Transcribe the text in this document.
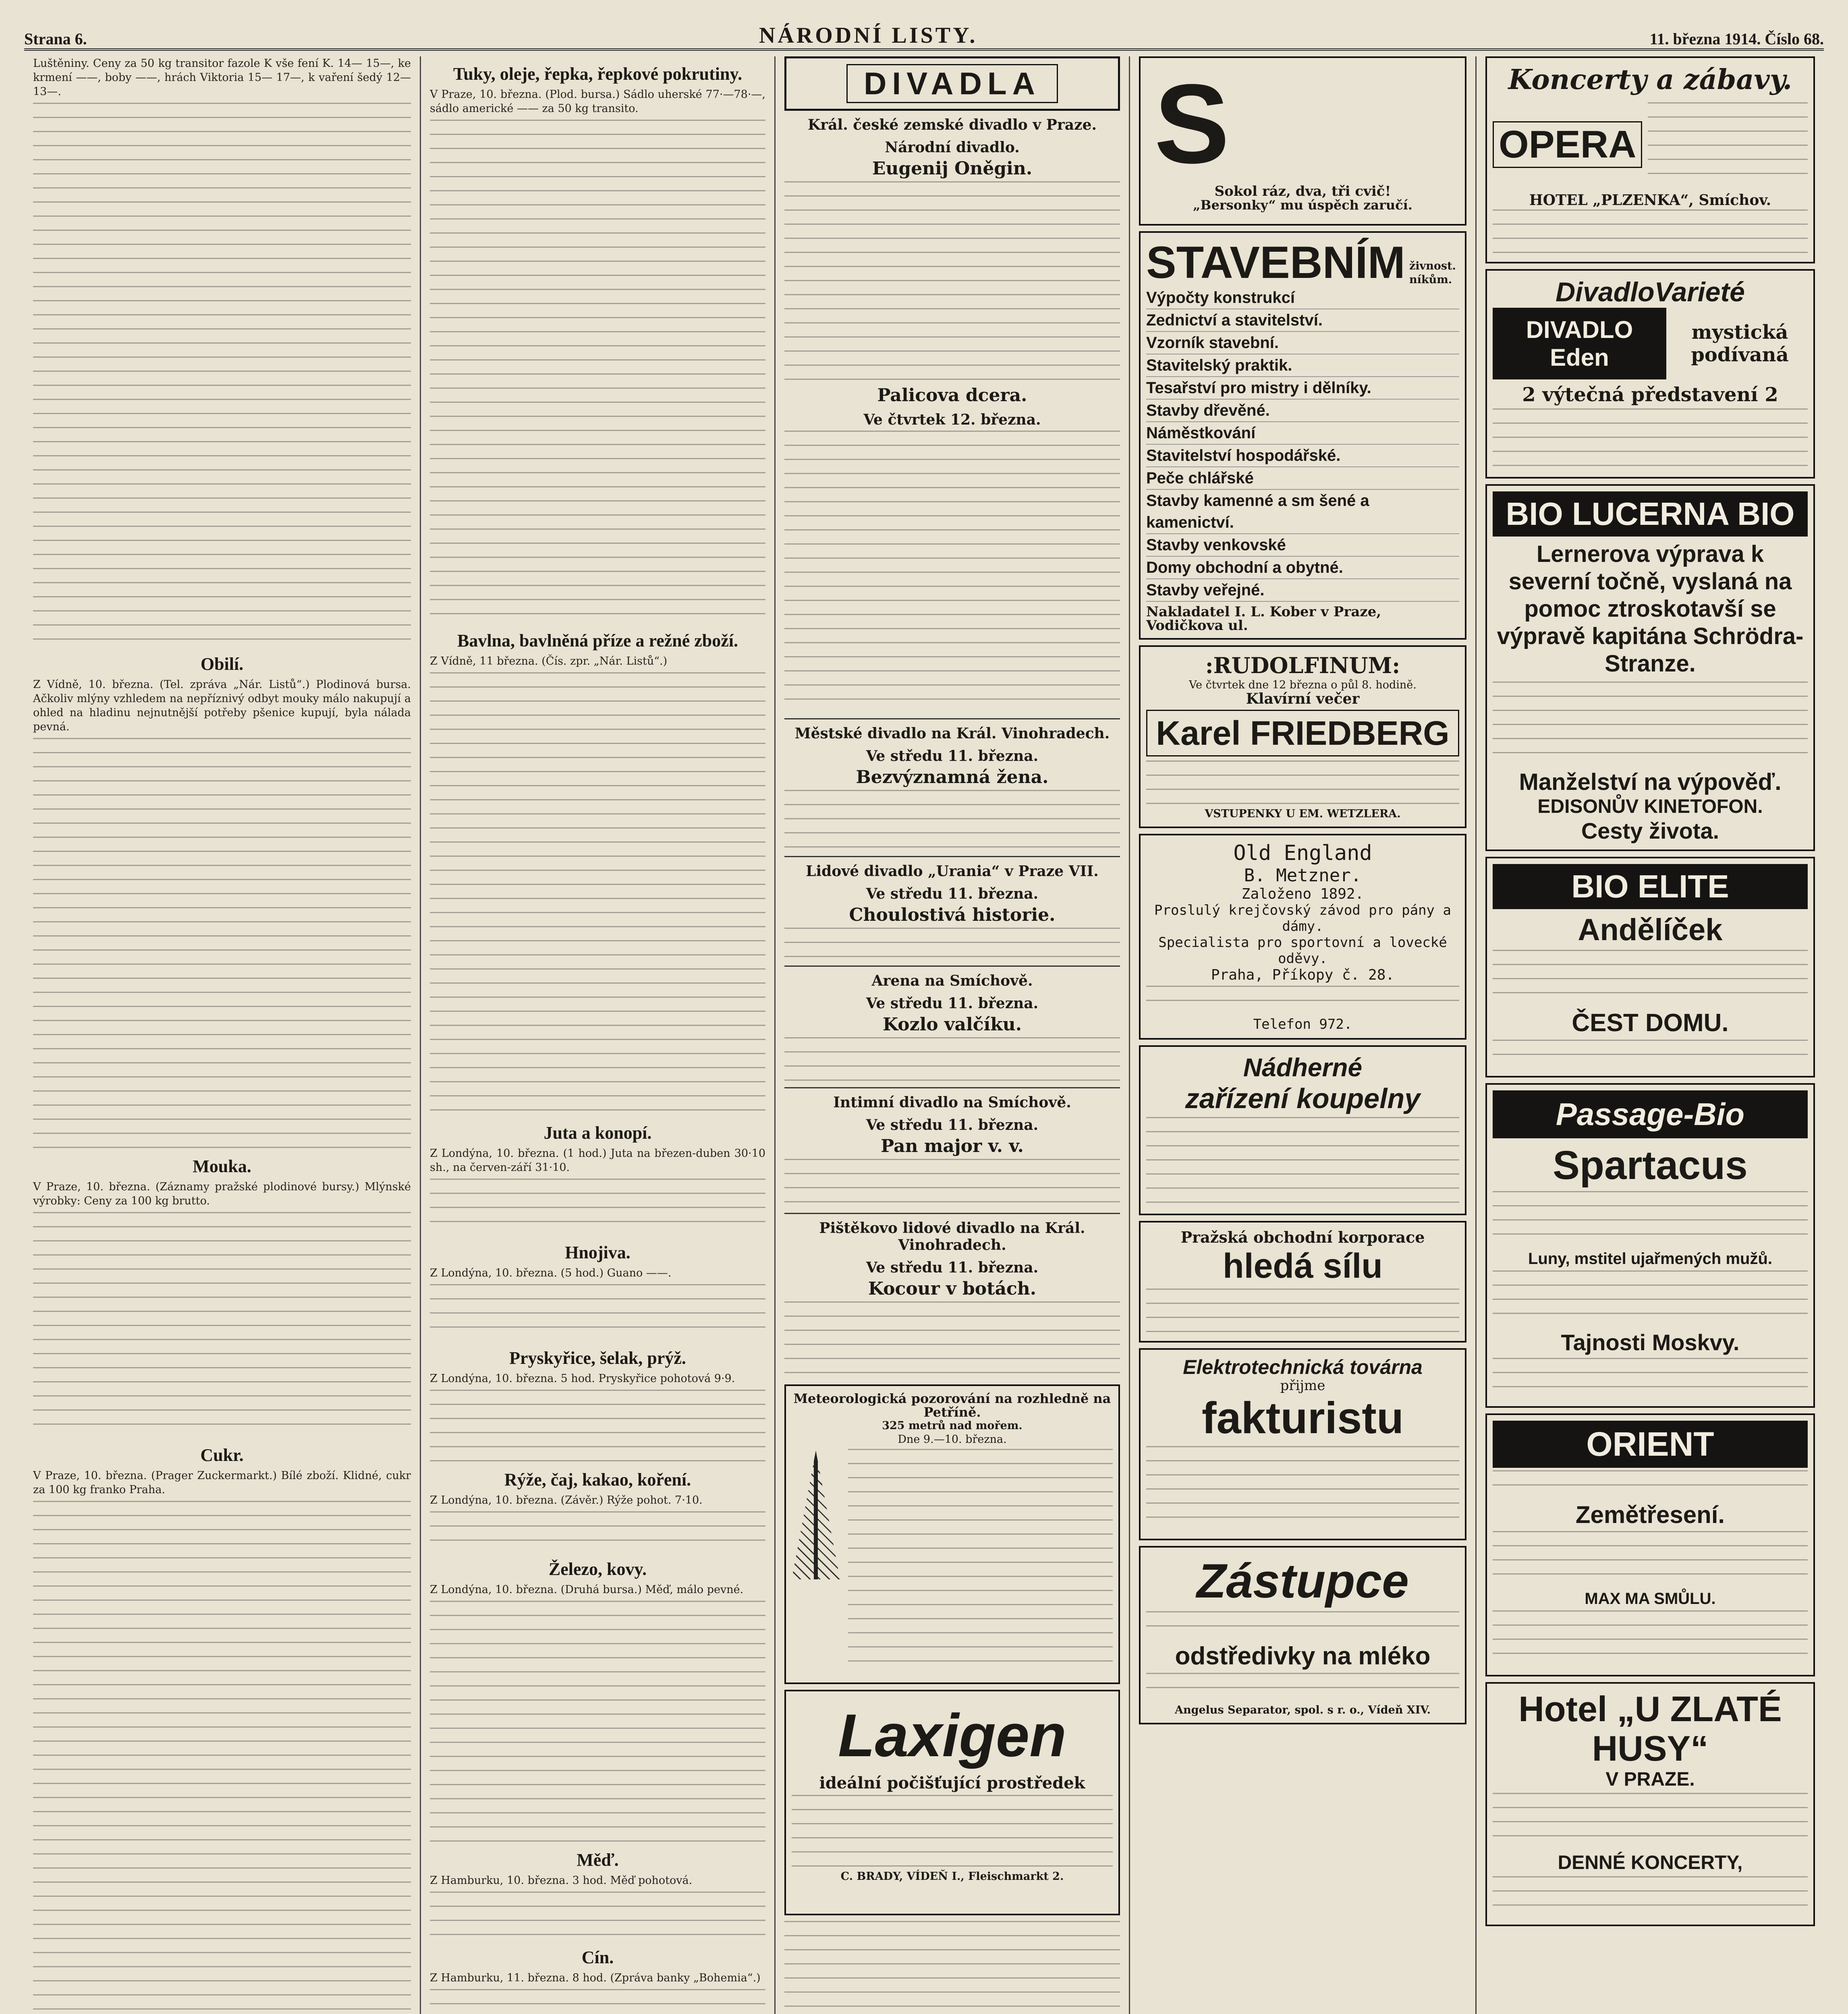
Strana 6.	NÁRODNÍ LISTY.	11. března 1914. Číslo 68.

Luštěniny. Ceny za 50 kg transitor fazole K vše fení K. 14— 15—, ke krmení ——, boby ——, hrách Viktoria 15— 17—, k vaření šedý 12— 13—.

Obilí.

Z Vídně, 10. března. (Tel. zpráva „Nár. Listů“.) Plodinová bursa. Ačkoliv mlýny vzhledem na nepříznivý odbyt mouky málo nakupují a ohled na hladinu nejnutnější potřeby pšenice kupují, byla nálada pevná.

Mouka.

V Praze, 10. března. (Záznamy pražské plodinové bursy.) Mlýnské výrobky: Ceny za 100 kg brutto.

Cukr.

V Praze, 10. března. (Prager Zuckermarkt.) Bílé zboží. Klidné, cukr za 100 kg franko Praha.

Tuky, oleje, řepka, řepkové pokrutiny.

V Praze, 10. března. (Plod. bursa.) Sádlo uherské 77·—78·—, sádlo americké —— za 50 kg transito.

Bavlna, bavlněná příze a režné zboží.

Z Vídně, 11 března. (Čís. zpr. „Nár. Listů“.)

Juta a konopí.

Z Londýna, 10. března. (1 hod.) Juta na březen-duben 30·10 sh., na červen-září 31·10.

Hnojiva.

Z Londýna, 10. března. (5 hod.) Guano ——.

Pryskyřice, šelak, prýž.

Z Londýna, 10. března. 5 hod. Pryskyřice pohotová 9·9.

Rýže, čaj, kakao, koření.

Z Londýna, 10. března. (Závěr.) Rýže pohot. 7·10.

Železo, kovy.

Z Londýna, 10. března. (Druhá bursa.) Měď, málo pevné.

Měď.

Z Hamburku, 10. března. 3 hod. Měď pohotová.

Cín.

Z Hamburku, 11. března. 8 hod. (Zpráva banky „Bohemia“.)

DIVADLA
Král. české zemské divadlo v Praze.
Národní divadlo.
Eugenij Oněgin.
Palicova dcera.
Ve čtvrtek 12. března.
Městské divadlo na Král. Vinohradech.
Ve středu 11. března.
Bezvýznamná žena.
Lidové divadlo „Urania“ v Praze VII.
Ve středu 11. března.
Choulostivá historie.
Arena na Smíchově.
Ve středu 11. března.
Kozlo valčíku.
Intimní divadlo na Smíchově.
Ve středu 11. března.
Pan major v. v.
Pištěkovo lidové divadlo na Král. Vinohradech.
Ve středu 11. března.
Kocour v botách.
Meteorologická pozorování na rozhledně na Petříně.
325 metrů nad mořem.
Dne 9.—10. března.
Laxigen
ideální počišťující prostředek
C. BRADY, VÍDEŇ I., Fleischmarkt 2.
S
Sokol ráz, dva, tři cvič!
„Bersonky“ mu úspěch zaručí.
STAVEBNÍM živnost. níkům.
Výpočty konstrukcí
Zednictví a stavitelství.
Vzorník stavební.
Stavitelský praktik.
Tesařství pro mistry i dělníky.
Stavby dřevěné.
Náměstkování
Stavitelství hospodářské.
Peče chlářské
Stavby kamenné a sm šené a kamenictví.
Stavby venkovské
Domy obchodní a obytné.
Stavby veřejné.
Nakladatel I. L. Kober v Praze, Vodičkova ul.
:RUDOLFINUM:
Ve čtvrtek dne 12 března o půl 8. hodině.
Klavírní večer
Karel FRIEDBERG
VSTUPENKY U EM. WETZLERA.
Old England
B. Metzner.
Založeno 1892.
Proslulý krejčovský závod pro pány a dámy.
Specialista pro sportovní a lovecké oděvy.
Praha, Příkopy č. 28.
Telefon 972.
Nádherné
zařízení koupelny
Pražská obchodní korporace
hledá sílu
Elektrotechnická továrna
přijme
fakturistu
Zástupce
odstředivky na mléko
Angelus Separator, spol. s r. o., Vídeň XIV.
Koncerty a zábavy.
OPERA
HOTEL „PLZENKA“, Smíchov.
DivadloVarieté
DIVADLO Eden
mystická podívaná
2 výtečná představení 2
BIO LUCERNA BIO
Lernerova výprava k severní točně, vyslaná na pomoc ztroskotavší se výpravě kapitána Schrödra-Stranze.
Manželství na výpověď.
EDISONŮV KINETOFON.
Cesty života.
BIO ELITE
Andělíček
ČEST DOMU.
Passage-Bio
Spartacus
Luny, mstitel ujařmených mužů.
Tajnosti Moskvy.
ORIENT
Zemětřesení.
MAX MA SMŮLU.
Hotel „U ZLATÉ HUSY“
V PRAZE.
DENNÉ KONCERTY,
